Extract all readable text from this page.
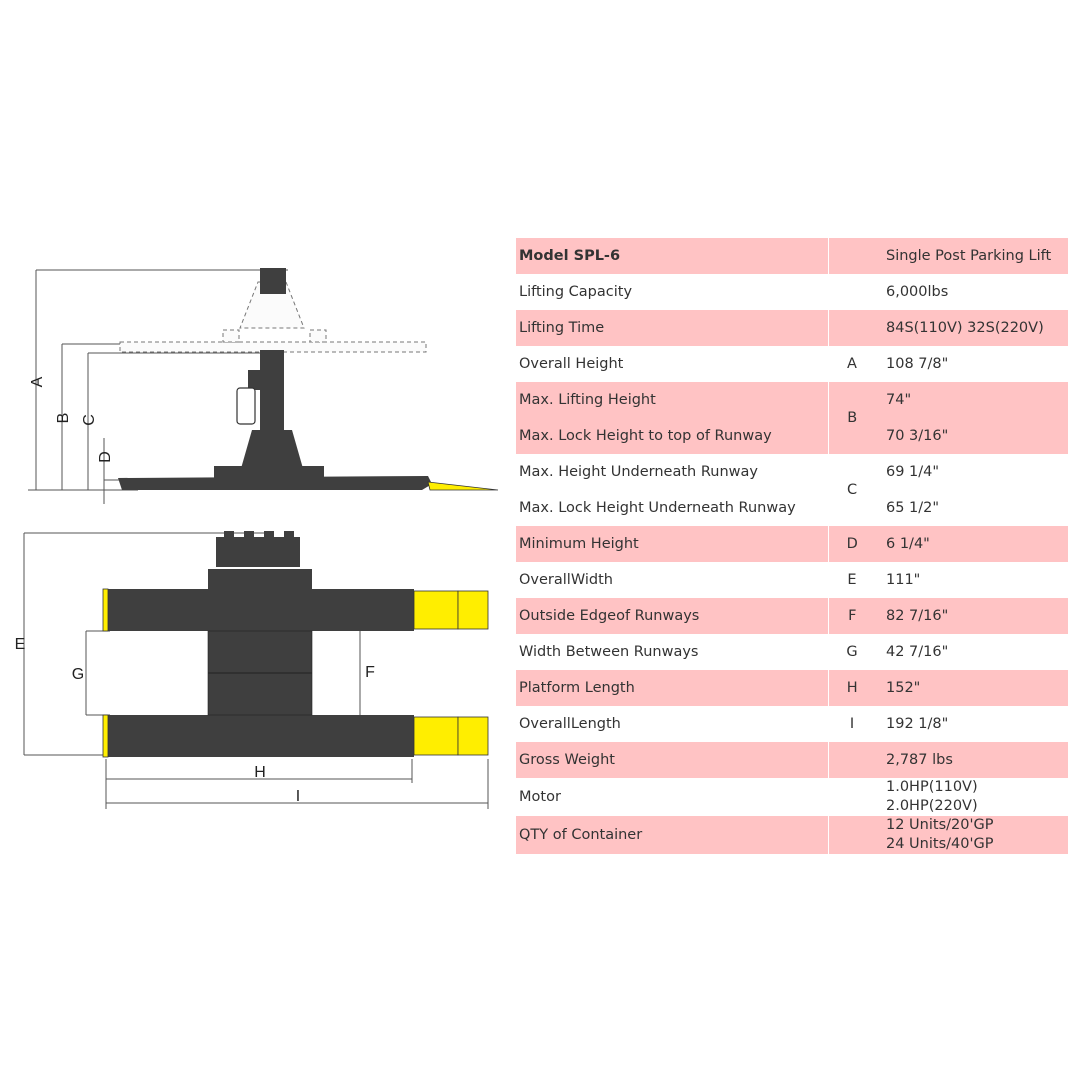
A
B C
D
E
G	F
H
I
Model SPL-6		Single Post Parking Lift
Lifting Capacity		6,000lbs
Lifting Time		84S(110V) 32S(220V)
Overall Height	A	108 7/8"
Max. Lifting Height	B	74"
Max. Lock Height to top of Runway		70 3/16"
Max. Height Underneath Runway	C	69 1/4"
Max. Lock Height Underneath Runway		65 1/2"
Minimum Height	D	6 1/4"
OverallWidth	E	111"
Outside Edgeof Runways	F	82 7/16"
Width Between Runways	G	42 7/16"
Platform Length	H	152"
OverallLength	I	192 1/8"
Gross Weight		2,787 lbs
Motor		1.0HP(110V)
2.0HP(220V)

QTY of Container		12 Units/20'GP
24 Units/40'GP
